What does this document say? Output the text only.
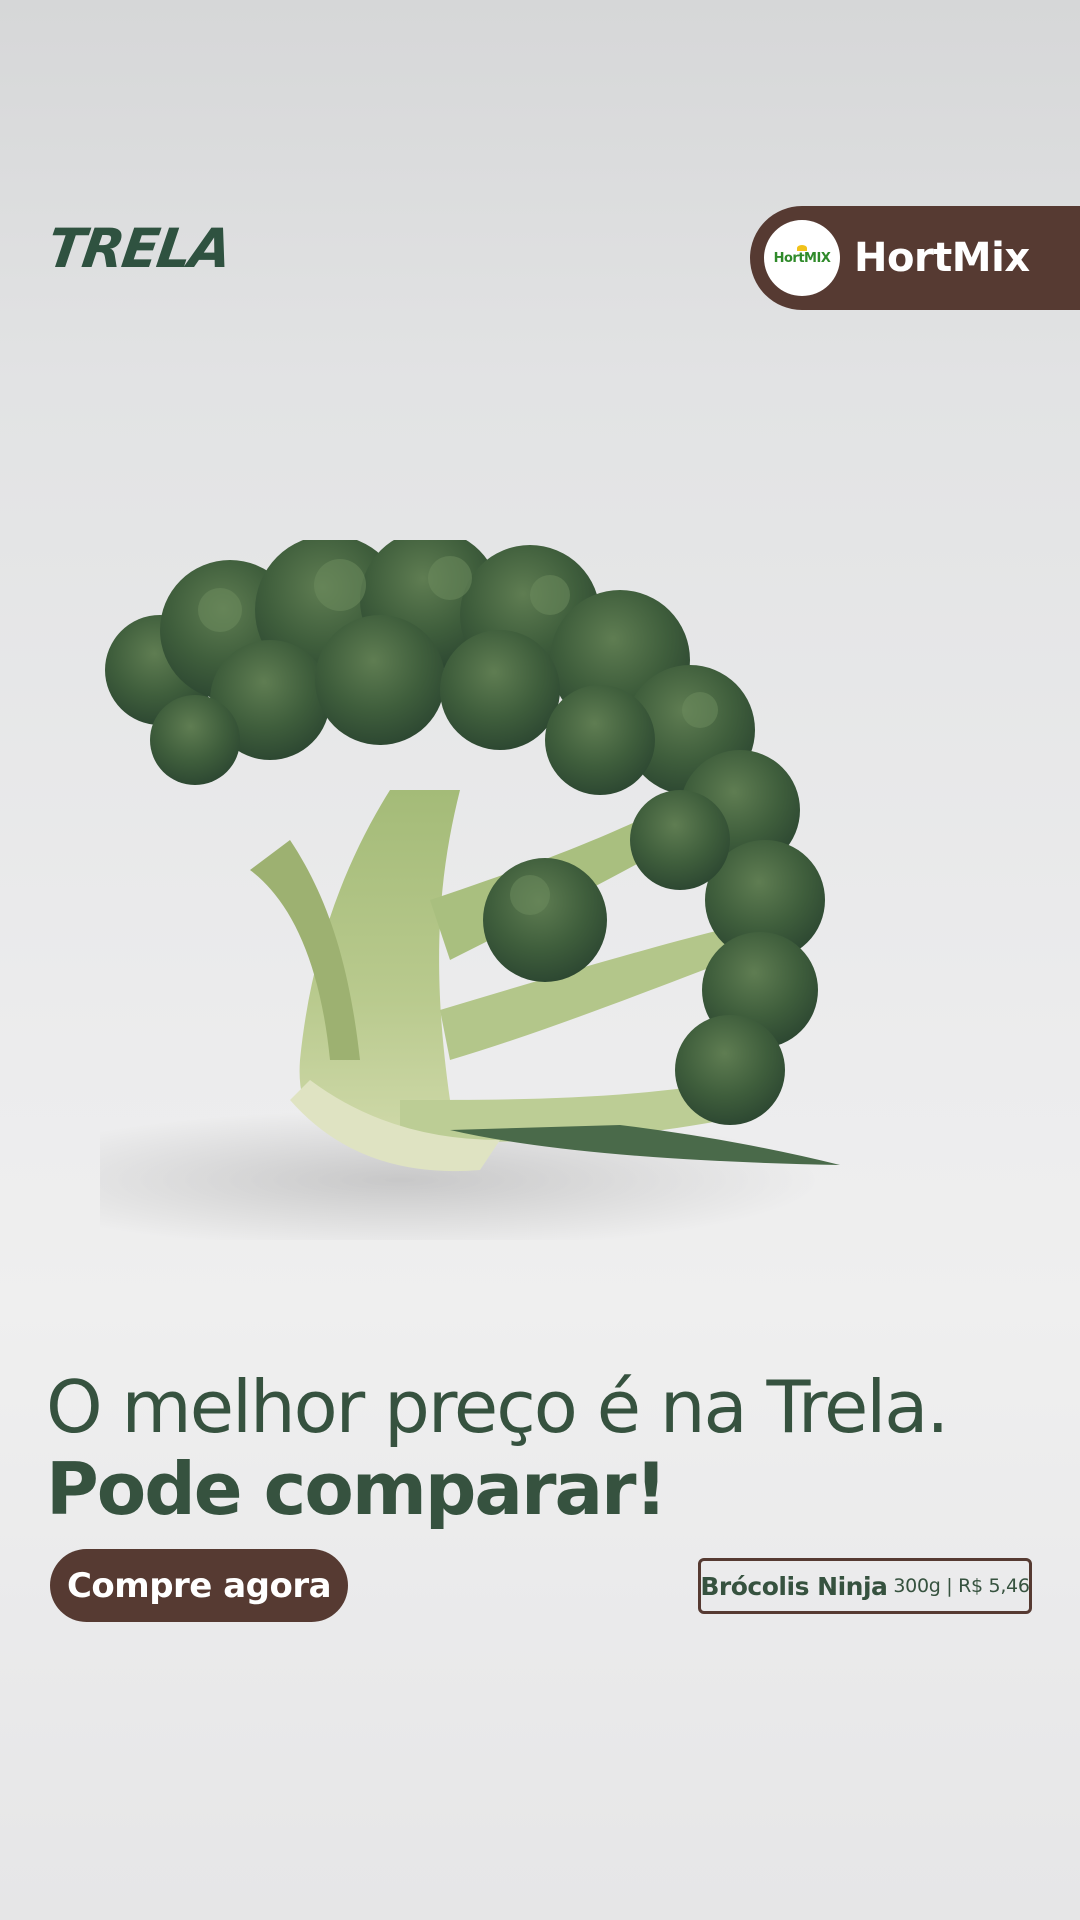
TRELA	HortMIX HortMix
O melhor preço é na Trela.
Pode comparar!
Compre agora	Brócolis Ninja 300g | R$ 5,46
